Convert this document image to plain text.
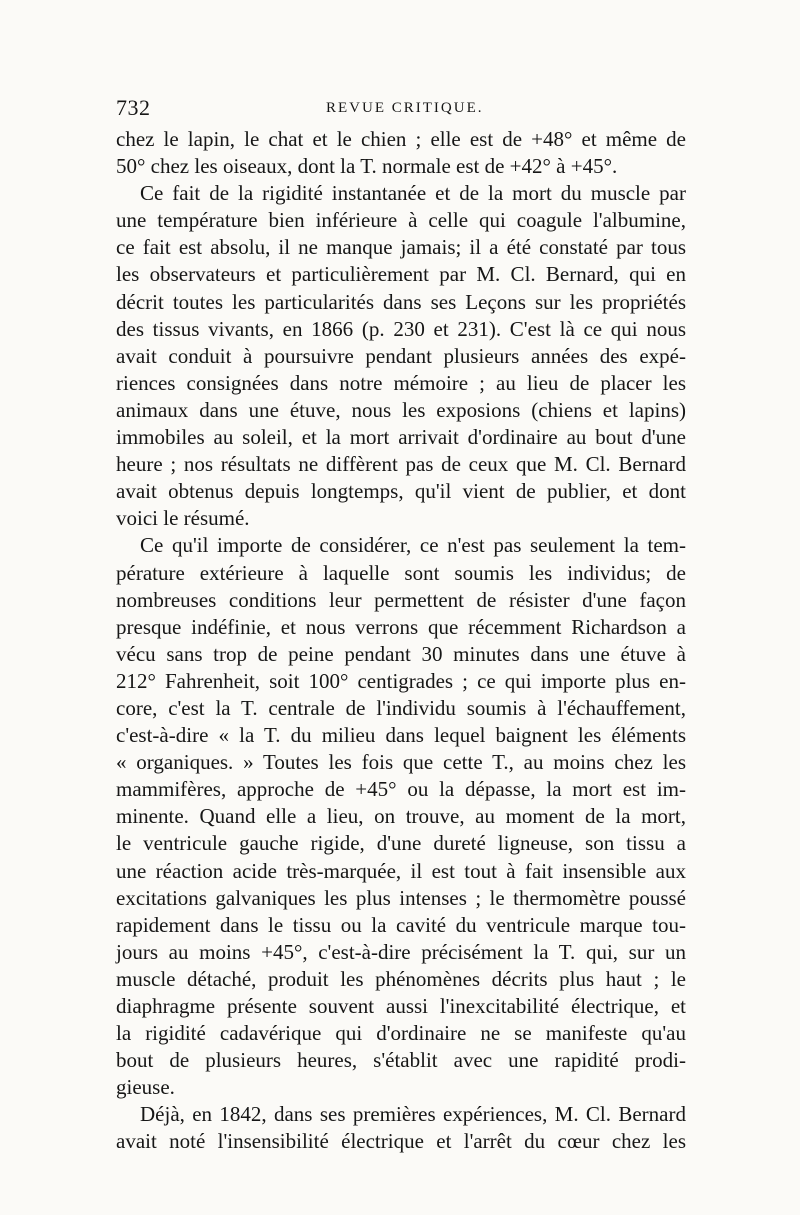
732	REVUE CRITIQUE.
chez le lapin, le chat et le chien ; elle est de +48° et même de
50° chez les oiseaux, dont la T. normale est de +42° à +45°.
Ce fait de la rigidité instantanée et de la mort du muscle par
une température bien inférieure à celle qui coagule l'albumine,
ce fait est absolu, il ne manque jamais; il a été constaté par tous
les observateurs et particulièrement par M. Cl. Bernard, qui en
décrit toutes les particularités dans ses Leçons sur les propriétés
des tissus vivants, en 1866 (p. 230 et 231). C'est là ce qui nous
avait conduit à poursuivre pendant plusieurs années des expé-
riences consignées dans notre mémoire ; au lieu de placer les
animaux dans une étuve, nous les exposions (chiens et lapins)
immobiles au soleil, et la mort arrivait d'ordinaire au bout d'une
heure ; nos résultats ne diffèrent pas de ceux que M. Cl. Bernard
avait obtenus depuis longtemps, qu'il vient de publier, et dont
voici le résumé.
Ce qu'il importe de considérer, ce n'est pas seulement la tem-
pérature extérieure à laquelle sont soumis les individus; de
nombreuses conditions leur permettent de résister d'une façon
presque indéfinie, et nous verrons que récemment Richardson a
vécu sans trop de peine pendant 30 minutes dans une étuve à
212° Fahrenheit, soit 100° centigrades ; ce qui importe plus en-
core, c'est la T. centrale de l'individu soumis à l'échauffement,
c'est-à-dire « la T. du milieu dans lequel baignent les éléments
« organiques. » Toutes les fois que cette T., au moins chez les
mammifères, approche de +45° ou la dépasse, la mort est im-
minente. Quand elle a lieu, on trouve, au moment de la mort,
le ventricule gauche rigide, d'une dureté ligneuse, son tissu a
une réaction acide très-marquée, il est tout à fait insensible aux
excitations galvaniques les plus intenses ; le thermomètre poussé
rapidement dans le tissu ou la cavité du ventricule marque tou-
jours au moins +45°, c'est-à-dire précisément la T. qui, sur un
muscle détaché, produit les phénomènes décrits plus haut ; le
diaphragme présente souvent aussi l'inexcitabilité électrique, et
la rigidité cadavérique qui d'ordinaire ne se manifeste qu'au
bout de plusieurs heures, s'établit avec une rapidité prodi-
gieuse.
Déjà, en 1842, dans ses premières expériences, M. Cl. Bernard
avait noté l'insensibilité électrique et l'arrêt du cœur chez les
